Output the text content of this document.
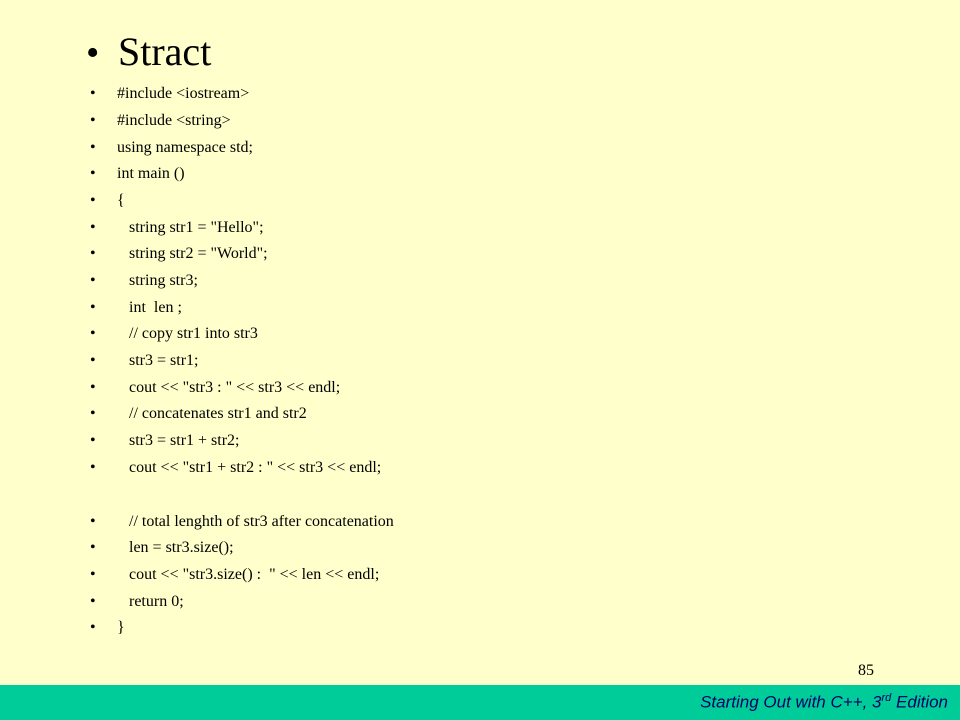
• Stract
•	#include <iostream>
•	#include <string>
•	using namespace std;
•	int main ()
•	{
•	string str1 = "Hello";
•	string str2 = "World";
•	string str3;
•	int  len ;
•	// copy str1 into str3
•	str3 = str1;
•	cout << "str3 : " << str3 << endl;
•	// concatenates str1 and str2
•	str3 = str1 + str2;
•	cout << "str1 + str2 : " << str3 << endl;
•	// total lenghth of str3 after concatenation
•	len = str3.size();
•	cout << "str3.size() :  " << len << endl;
•	return 0;
•	}
85
Starting Out with C++, 3rd Edition
